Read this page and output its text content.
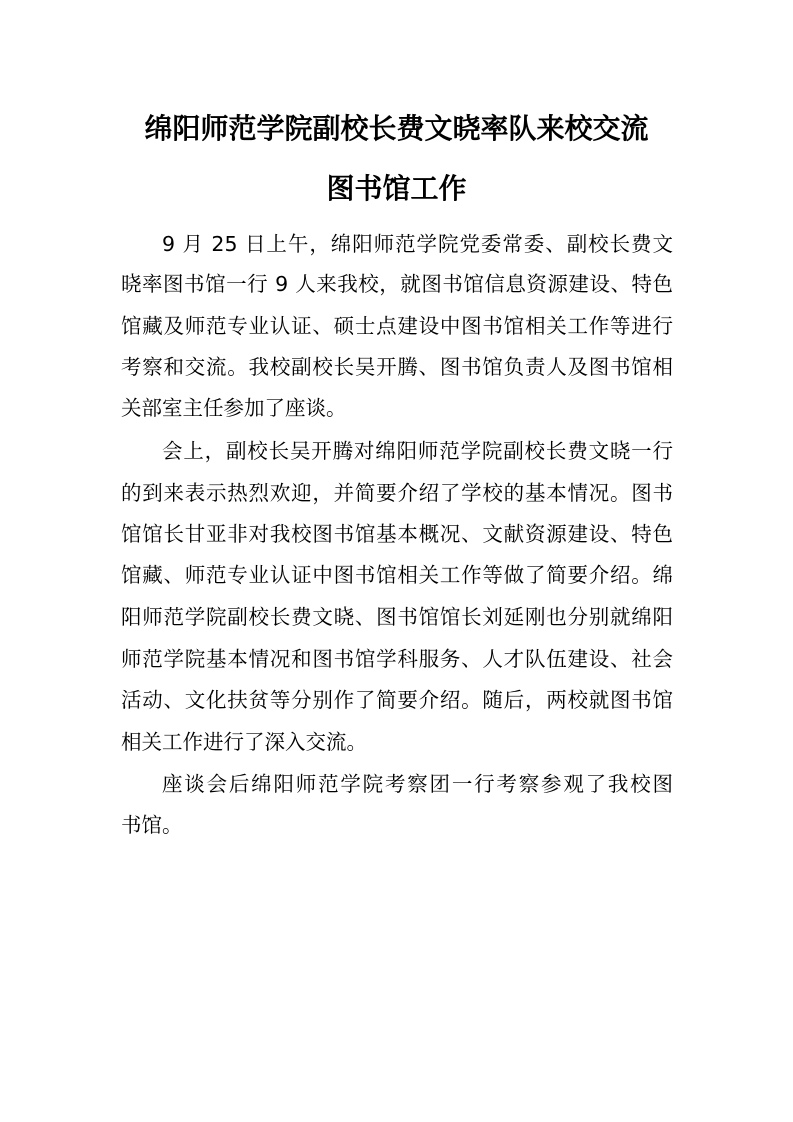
绵阳师范学院副校长费文晓率队来校交流
图书馆工作
9 月 25 日上午，绵阳师范学院党委常委、副校长费文
晓率图书馆一行 9 人来我校，就图书馆信息资源建设、特色
馆藏及师范专业认证、硕士点建设中图书馆相关工作等进行
考察和交流。我校副校长吴开腾、图书馆负责人及图书馆相
关部室主任参加了座谈。
会上，副校长吴开腾对绵阳师范学院副校长费文晓一行
的到来表示热烈欢迎，并简要介绍了学校的基本情况。图书
馆馆长甘亚非对我校图书馆基本概况、文献资源建设、特色
馆藏、师范专业认证中图书馆相关工作等做了简要介绍。绵
阳师范学院副校长费文晓、图书馆馆长刘延刚也分别就绵阳
师范学院基本情况和图书馆学科服务、人才队伍建设、社会
活动、文化扶贫等分别作了简要介绍。随后，两校就图书馆
相关工作进行了深入交流。
座谈会后绵阳师范学院考察团一行考察参观了我校图
书馆。
